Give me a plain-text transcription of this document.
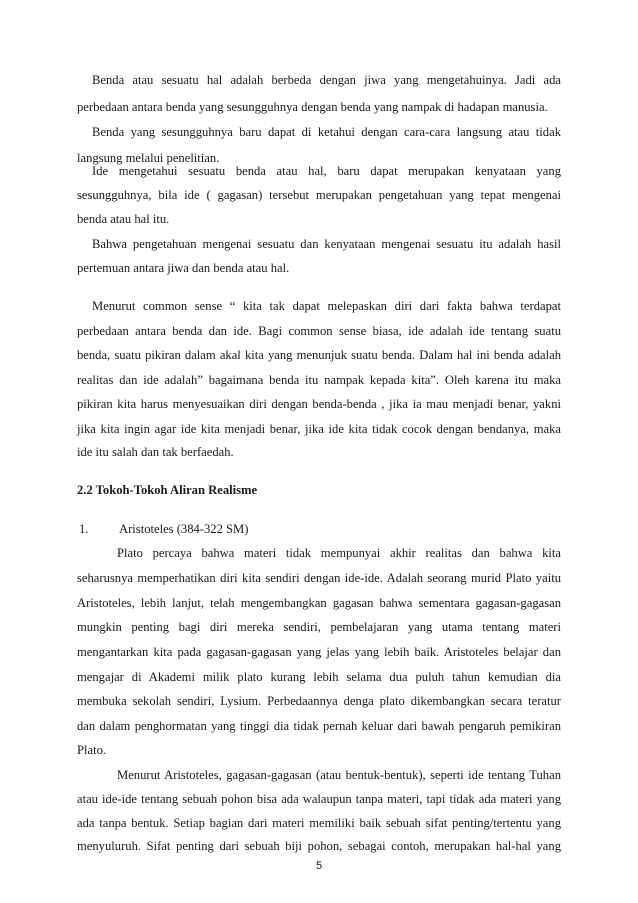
Benda atau sesuatu hal adalah berbeda dengan jiwa yang mengetahuinya. Jadi ada
perbedaan antara benda yang sesungguhnya dengan benda yang nampak di hadapan manusia.
Benda yang sesungguhnya baru dapat di ketahui dengan cara-cara langsung atau tidak
langsung melalui penelitian.
Ide mengetahui sesuatu benda atau hal, baru dapat merupakan kenyataan yang
sesungguhnya, bila ide ( gagasan) tersebut merupakan pengetahuan yang tepat mengenai
benda atau hal itu.
Bahwa pengetahuan mengenai sesuatu dan kenyataan mengenai sesuatu itu adalah hasil
pertemuan antara jiwa dan benda atau hal.
Menurut common sense “ kita tak dapat melepaskan diri dari fakta bahwa terdapat
perbedaan antara benda dan ide. Bagi common sense biasa, ide adalah ide tentang suatu
benda, suatu pikiran dalam akal kita yang menunjuk suatu benda. Dalam hal ini benda adalah
realitas dan ide adalah” bagaimana benda itu nampak kepada kita”. Oleh karena itu maka
pikiran kita harus menyesuaikan diri dengan benda-benda , jika ia mau menjadi benar, yakni
jika kita ingin agar ide kita menjadi benar, jika ide kita tidak cocok dengan bendanya, maka
ide itu salah dan tak berfaedah.
2.2 Tokoh-Tokoh Aliran Realisme
1. Aristoteles (384-322 SM)
Plato percaya bahwa materi tidak mempunyai akhir realitas dan bahwa kita
seharusnya memperhatikan diri kita sendiri dengan ide-ide. Adalah seorang murid Plato yaitu
Aristoteles, lebih lanjut, telah mengembangkan gagasan bahwa sementara gagasan-gagasan
mungkin penting bagi diri mereka sendiri, pembelajaran yang utama tentang materi
mengantarkan kita pada gagasan-gagasan yang jelas yang lebih baik. Aristoteles belajar dan
mengajar di Akademi milik plato kurang lebih selama dua puluh tahun kemudian dia
membuka sekolah sendiri, Lysium. Perbedaannya denga plato dikembangkan secara teratur
dan dalam penghormatan yang tinggi dia tidak pernah keluar dari bawah pengaruh pemikiran
Plato.
Menurut Aristoteles, gagasan-gagasan (atau bentuk-bentuk), seperti ide tentang Tuhan
atau ide-ide tentang sebuah pohon bisa ada walaupun tanpa materi, tapi tidak ada materi yang
ada tanpa bentuk. Setiap bagian dari materi memiliki baik sebuah sifat penting/tertentu yang
menyuluruh. Sifat penting dari sebuah biji pohon, sebagai contoh, merupakan hal-hal yang
5
